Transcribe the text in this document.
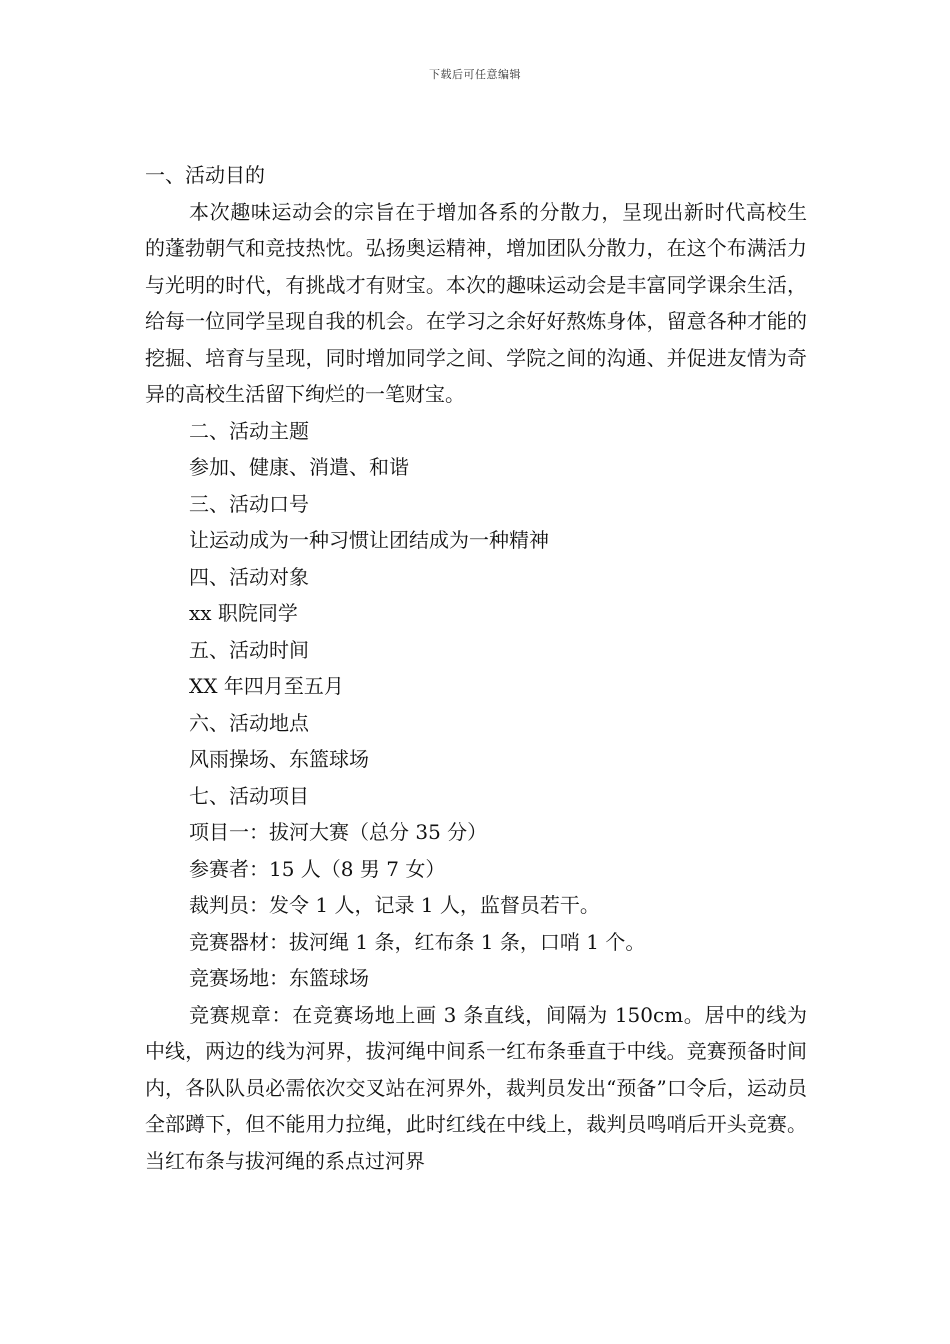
下载后可任意编辑

一、活动目的

本次趣味运动会的宗旨在于增加各系的分散力，呈现出新时代高校生的蓬勃朝气和竞技热忱。弘扬奥运精神，增加团队分散力，在这个布满活力与光明的时代，有挑战才有财宝。本次的趣味运动会是丰富同学课余生活，给每一位同学呈现自我的机会。在学习之余好好熬炼身体，留意各种才能的挖掘、培育与呈现，同时增加同学之间、学院之间的沟通、并促进友情为奇异的高校生活留下绚烂的一笔财宝。

二、活动主题

参加、健康、消遣、和谐

三、活动口号

让运动成为一种习惯让团结成为一种精神

四、活动对象

xx 职院同学

五、活动时间

XX 年四月至五月

六、活动地点

风雨操场、东篮球场

七、活动项目

项目一：拔河大赛（总分 35 分）

参赛者：15 人（8 男 7 女）

裁判员：发令 1 人，记录 1 人，监督员若干。

竞赛器材：拔河绳 1 条，红布条 1 条，口哨 1 个。

竞赛场地：东篮球场

竞赛规章：在竞赛场地上画 3 条直线，间隔为 150cm。居中的线为中线，两边的线为河界，拔河绳中间系一红布条垂直于中线。竞赛预备时间内，各队队员必需依次交叉站在河界外，裁判员发出“预备”口令后，运动员全部蹲下，但不能用力拉绳，此时红线在中线上，裁判员鸣哨后开头竞赛。当红布条与拔河绳的系点过河界
